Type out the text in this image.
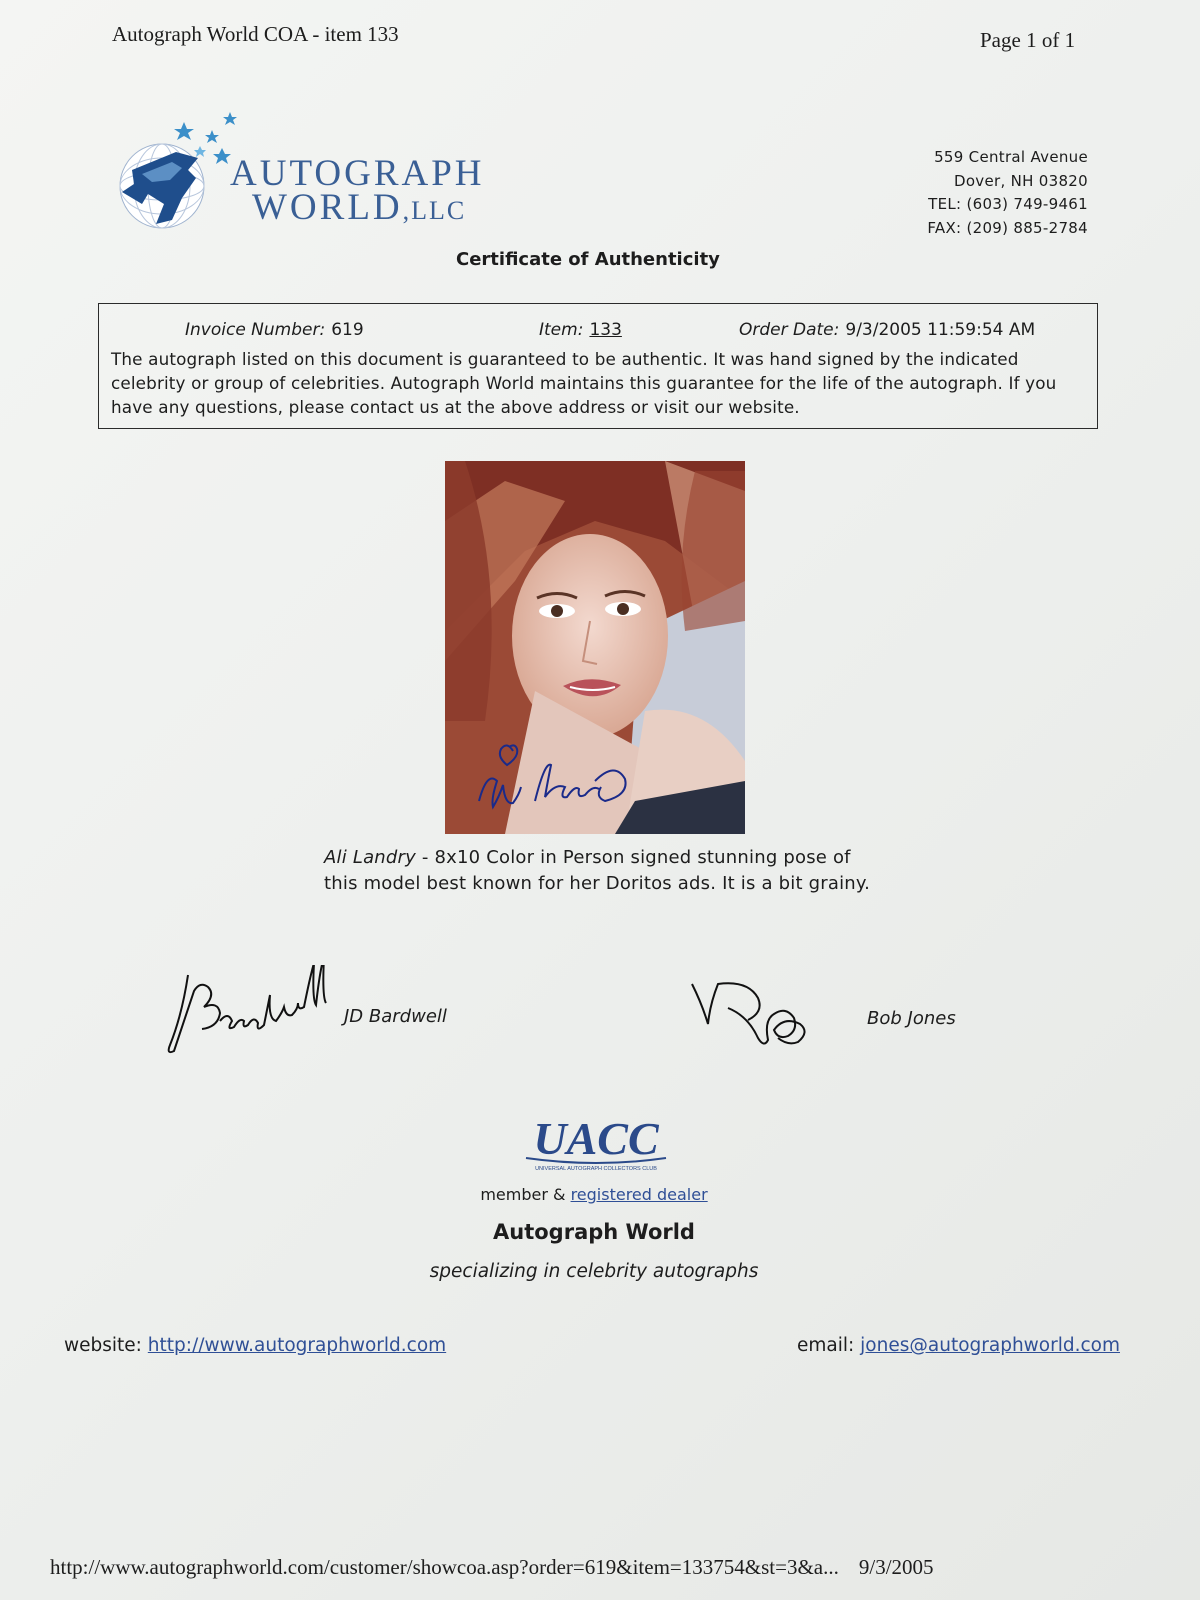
Autograph World COA - item 133	Page 1 of 1
AUTOGRAPH
WORLD,LLC
559 Central Avenue
Dover, NH 03820
TEL: (603) 749-9461
FAX: (209) 885-2784
Certificate of Authenticity
Invoice Number: 619	Item: 133	Order Date: 9/3/2005 11:59:54 AM
The autograph listed on this document is guaranteed to be authentic. It was hand signed by the indicated celebrity or group of celebrities. Autograph World maintains this guarantee for the life of the autograph. If you have any questions, please contact us at the above address or visit our website.
Ali Landry - 8x10 Color in Person signed stunning pose of this model best known for her Doritos ads. It is a bit grainy.
JD Bardwell	Bob Jones
UACC
UNIVERSAL AUTOGRAPH COLLECTORS CLUB
member & registered dealer
Autograph World
specializing in celebrity autographs
website: http://www.autographworld.com	email: jones@autographworld.com
http://www.autographworld.com/customer/showcoa.asp?order=619&item=133754&st=3&a... 9/3/2005
